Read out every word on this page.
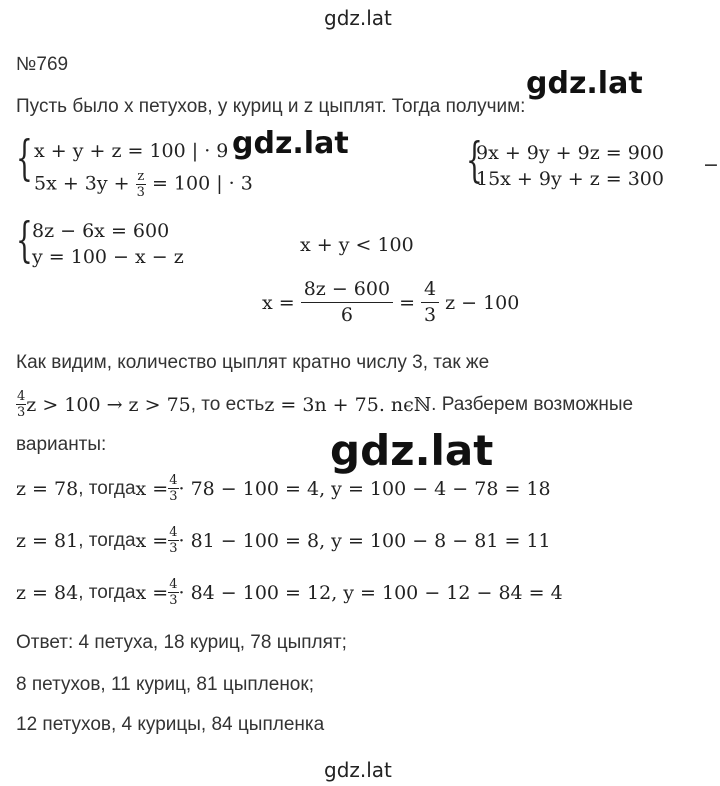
gdz.lat
№769
gdz.lat
Пусть было x петухов, y куриц и z цыплят. Тогда получим:
{ x + y + z = 100 | · 9
$5x + 3y + \frac{z}{3} = 100$ | · 3
gdz.lat {
9x + 9y + 9z = 900
15x + 9y + z = 300
−
{ 8z − 6x = 600
y = 100 − x − z
x + y < 100
$x = \frac{8z - 600}{6} = \frac{4}{3}$ z − 100
Как видим, количество цыплят кратно числу 3, так же
$\frac{4}{3}$ z > 100 → z > 75 , то есть z = 3n + 75. nϵℕ . Разберем возможные
варианты:	gdz.lat
z = 78 , тогда $x = \frac{4}{3} \cdot 78 - 100 = 4$, y = 100 − 4 − 78 = 18
z = 81 , тогда $x = \frac{4}{3} \cdot 81 - 100 = 8$, y = 100 − 8 − 81 = 11
z = 84 , тогда $x = \frac{4}{3} \cdot 84 - 100 = 12$, y = 100 − 12 − 84 = 4
Ответ: 4 петуха, 18 куриц, 78 цыплят;
8 петухов, 11 куриц, 81 цыпленок;
12 петухов, 4 курицы, 84 цыпленка
gdz.lat
